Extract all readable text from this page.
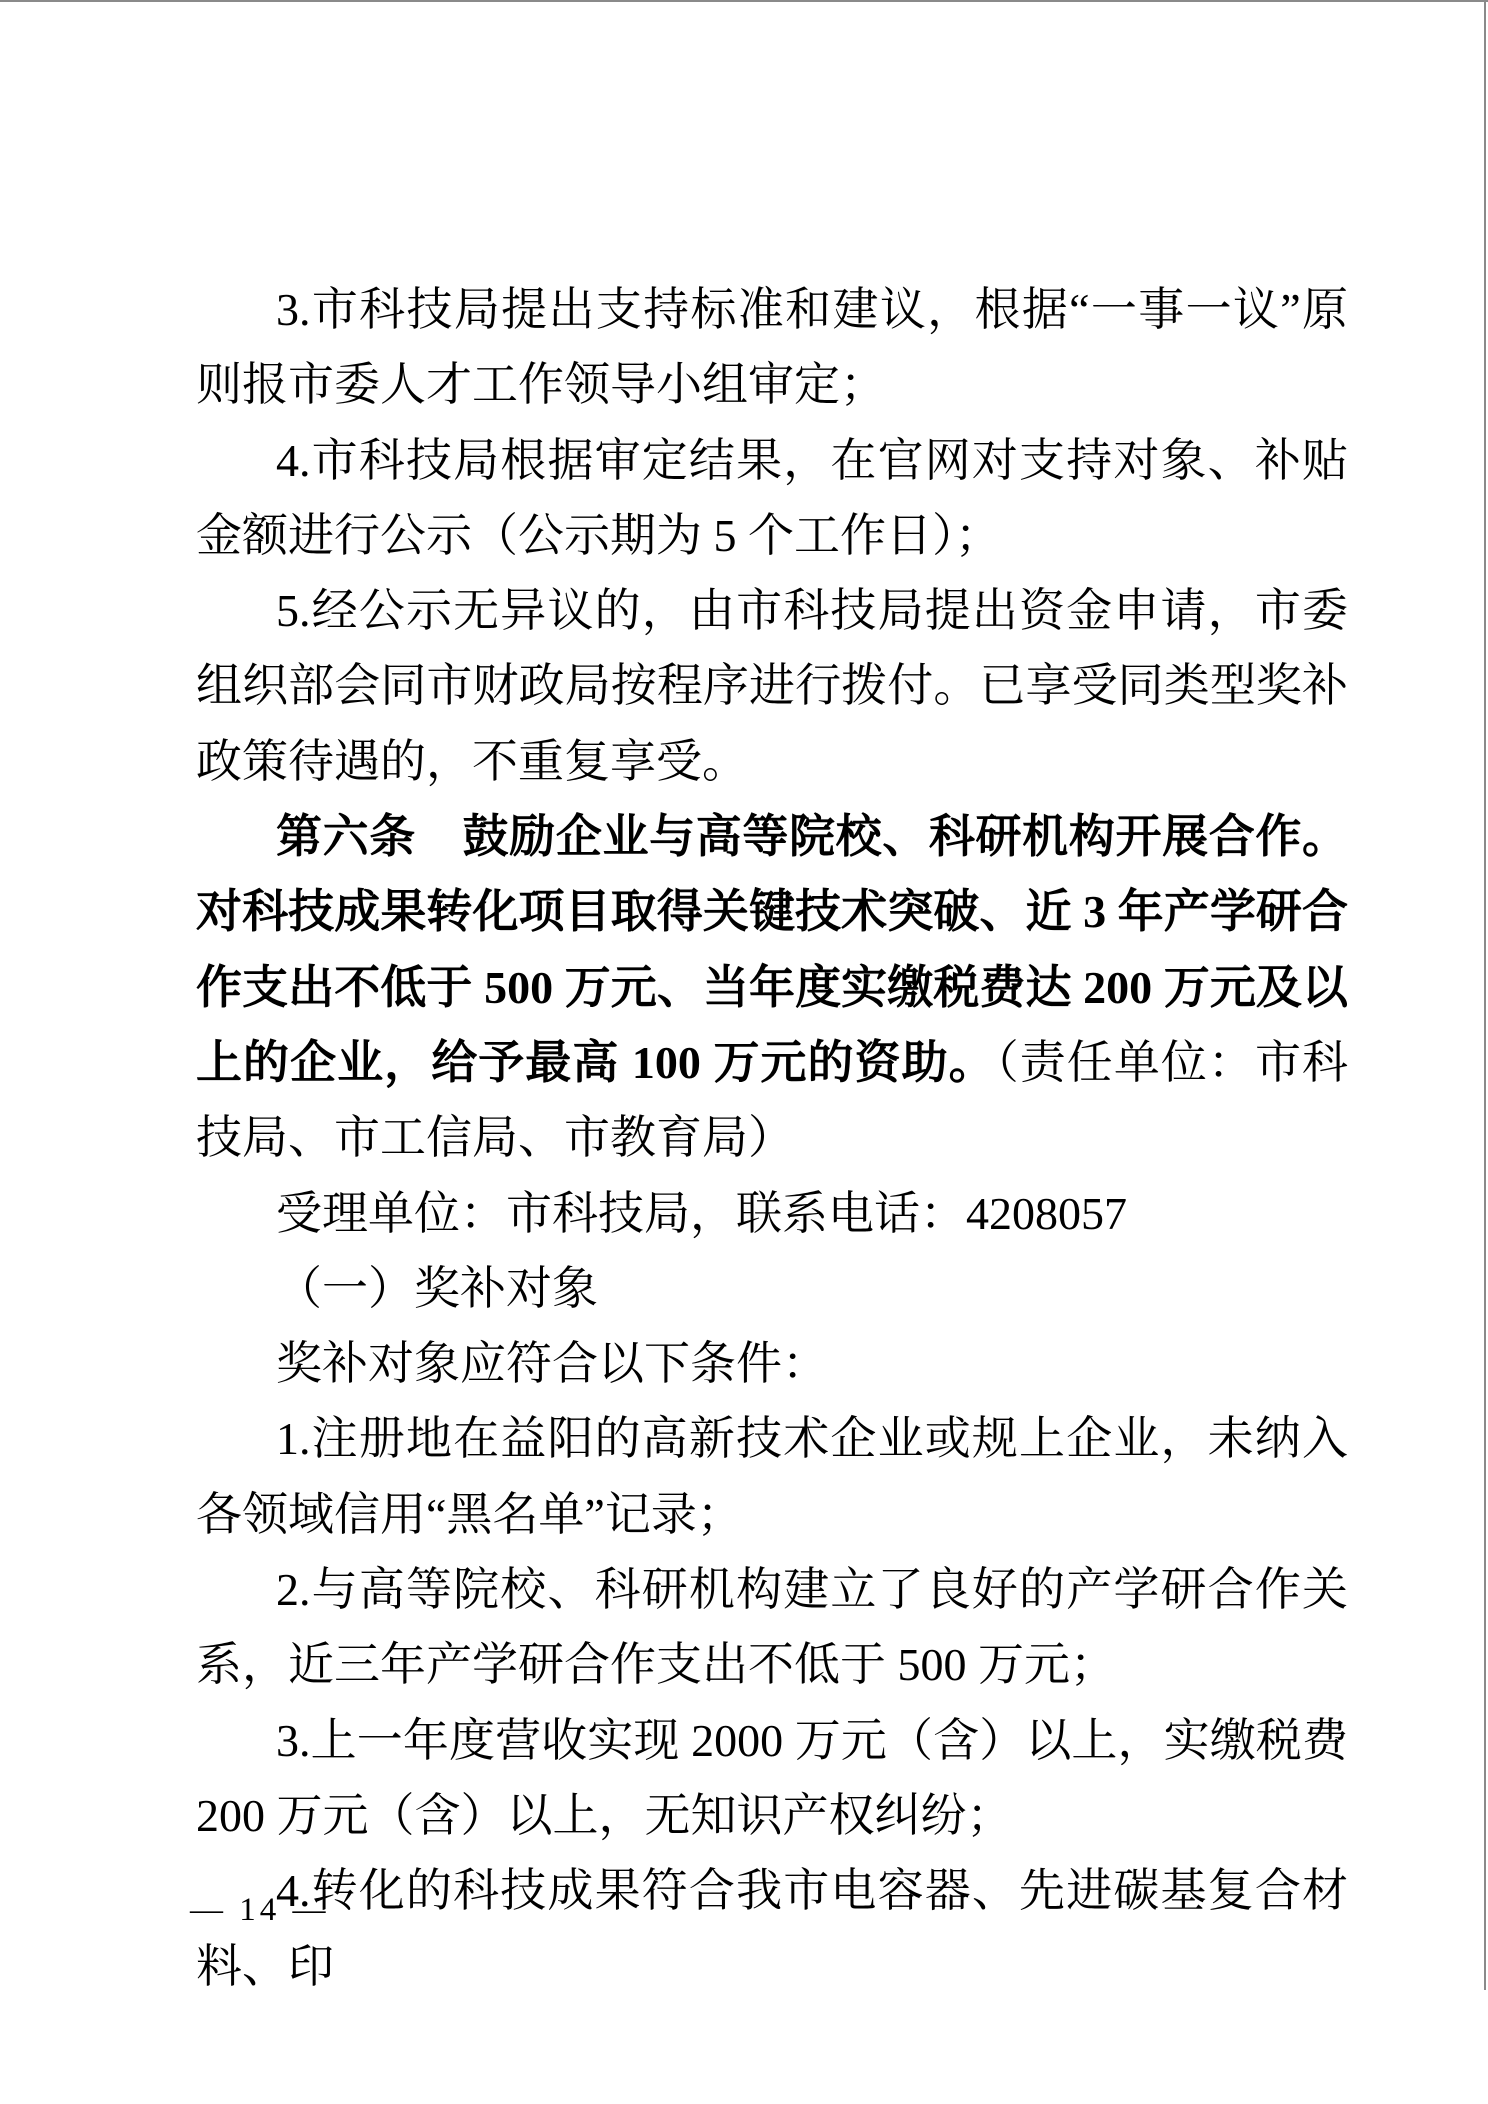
3.市科技局提出支持标准和建议，根据“一事一议”原则报市委人才工作领导小组审定；

4.市科技局根据审定结果，在官网对支持对象、补贴金额进行公示（公示期为 5 个工作日）；

5.经公示无异议的，由市科技局提出资金申请，市委组织部会同市财政局按程序进行拨付。已享受同类型奖补政策待遇的，不重复享受。

第六条　鼓励企业与高等院校、科研机构开展合作。对科技成果转化项目取得关键技术突破、近 3 年产学研合作支出不低于 500 万元、当年度实缴税费达 200 万元及以上的企业，给予最高 100 万元的资助。（责任单位：市科技局、市工信局、市教育局）

受理单位：市科技局，联系电话：4208057

（一）奖补对象

奖补对象应符合以下条件：

1.注册地在益阳的高新技术企业或规上企业，未纳入各领域信用“黑名单”记录；

2.与高等院校、科研机构建立了良好的产学研合作关系，近三年产学研合作支出不低于 500 万元；

3.上一年度营收实现 2000 万元（含）以上，实缴税费 200 万元（含）以上，无知识产权纠纷；

4.转化的科技成果符合我市电容器、先进碳基复合材料、印

— 14 —
